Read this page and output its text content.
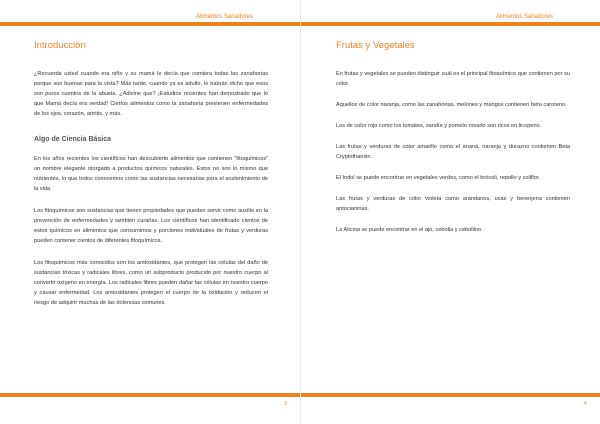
Alimentos Sanadores	Alimentos Sanadores
Introducción

¿Recuerda usted cuando era niño y su mamá le decía que comiera todas las zanahorias porque son buenas para la vista? Más tarde, cuando ya es adulto, le habrán dicho que esos son puros cuentos de la abuela. ¿Adivine que? ¡Estudios recientes han demostrado que lo que Mamá decía era verdad! Ciertos alimentos como la zanahoria previenen enfermedades de los ojos, corazón, artritis, y más.

Algo de Ciencia Básica

En los años recientes los científicos han descubierto alimentos que contienen “fitoquímicos” un nombre elegante otorgado a productos químicos naturales. Estos no son lo mismo que nutrientes, lo que todos conocemos como las sustancias necesarias para el sostenimiento de la vida.

Los fitoquímicos son sustancias que tienen propiedades que pueden servir como auxilio en la prevención de enfermedades y también curarlas. Los científicos han identificado cientos de estos químicos en alimentos que consumimos y porciones individuales de frutas y verduras pueden contener cientos de diferentes fitoquímicos.

Los fitoquímicos más conocidos son los antioxidantes, que protegen las células del daño de sustancias tóxicas y radicales libres, como un subproducto producido por nuestro cuerpo al convertir oxígeno en energía. Los radicales libres pueden dañar las células en nuestro cuerpo y causar enfermedad. Los antioxidantes protegen el cuerpo de la oxidación y reducen el riesgo de adquirir muchas de las dolencias comunes.

Frutas y Vegetales

En frutas y vegetales se pueden distinguir cuál es el principal fitoquímico que contienen por su color.

Aquellos de color naranja, como las zanahorias, melones y mangos contienen beta caroteno.

Los de color rojo como los tomates, sandía y pomelo rosado son ricos en licopeno.

Las frutas y verduras de color amarillo como el ananá, naranja y durazno contienen Beta Cryptothanxin.

El Indol se puede encontrar en vegetales verdes, como el brócoli, repollo y coliflor.

Las frutas y verduras de color violeta como arándanos, uvas y berenjena contienen antocianinas.

La Alicina se puede encontrar en el ajo, cebolla y cebollino.

3	4
